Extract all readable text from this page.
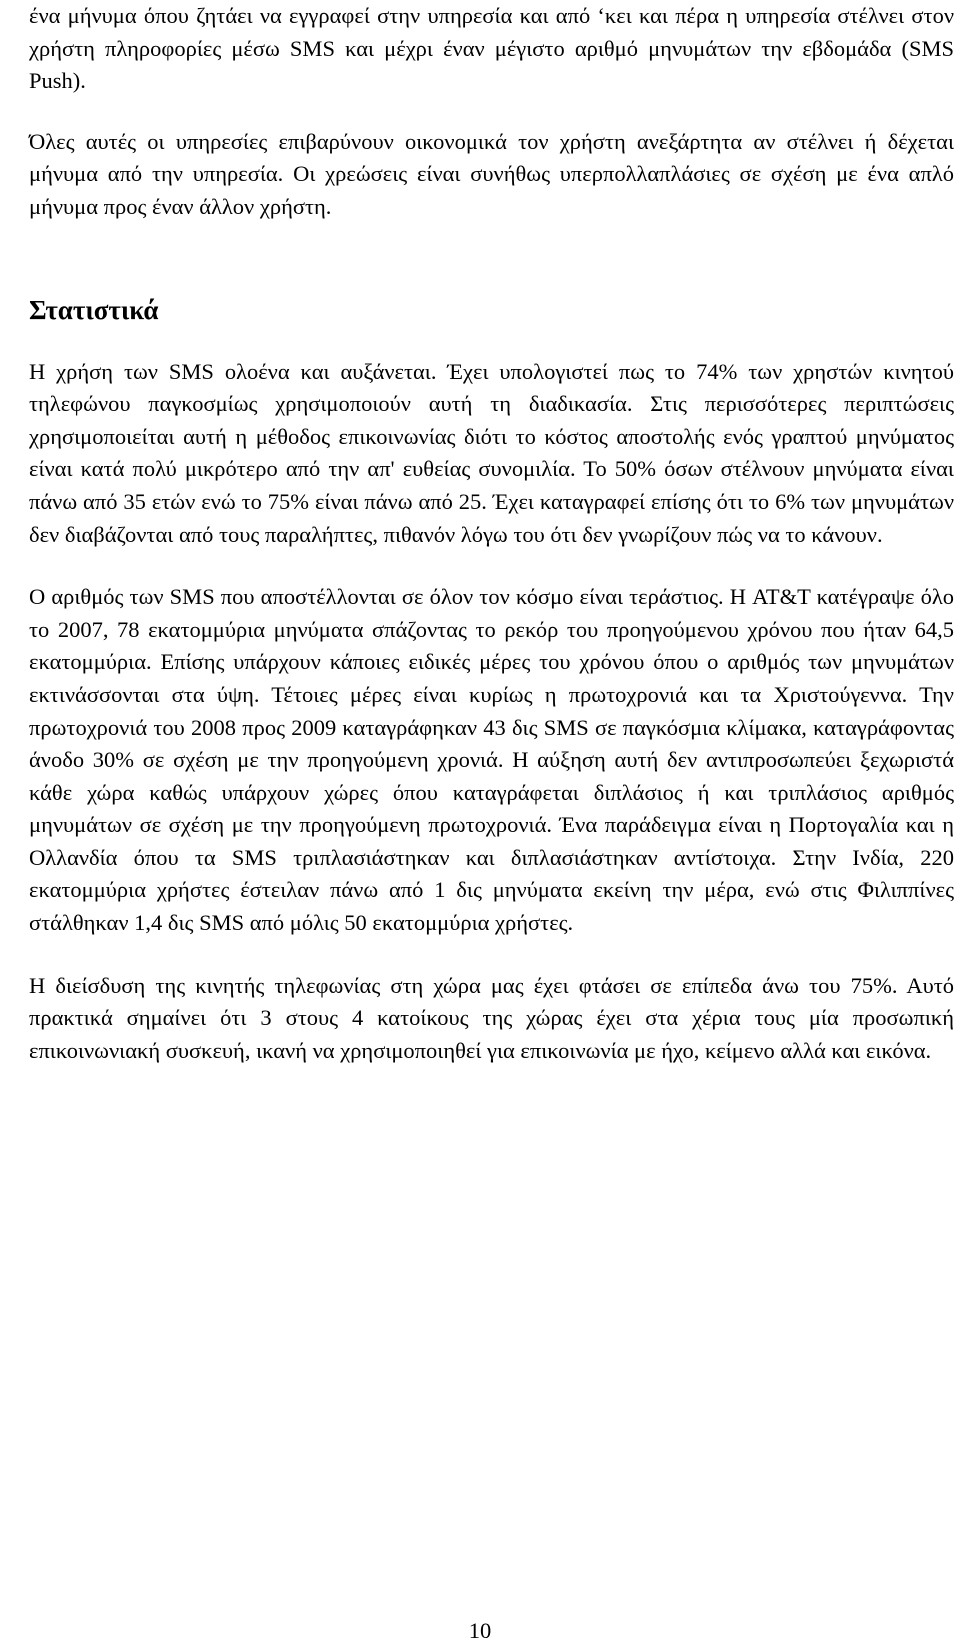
ένα μήνυμα όπου ζητάει να εγγραφεί στην υπηρεσία και από ‘κει και πέρα η υπηρεσία στέλνει στον χρήστη πληροφορίες μέσω SMS και μέχρι έναν μέγιστο αριθμό μηνυμάτων την εβδομάδα (SMS Push).

Όλες αυτές οι υπηρεσίες επιβαρύνουν οικονομικά τον χρήστη ανεξάρτητα αν στέλνει ή δέχεται μήνυμα από την υπηρεσία. Οι χρεώσεις είναι συνήθως υπερπολλαπλάσιες σε σχέση με ένα απλό μήνυμα προς έναν άλλον χρήστη.

Στατιστικά

Η χρήση των SMS ολοένα και αυξάνεται. Έχει υπολογιστεί πως το 74% των χρηστών κινητού τηλεφώνου παγκοσμίως χρησιμοποιούν αυτή τη διαδικασία. Στις περισσότερες περιπτώσεις χρησιμοποιείται αυτή η μέθοδος επικοινωνίας διότι το κόστος αποστολής ενός γραπτού μηνύματος είναι κατά πολύ μικρότερο από την απ' ευθείας συνομιλία. Το 50% όσων στέλνουν μηνύματα είναι πάνω από 35 ετών ενώ το 75% είναι πάνω από 25. Έχει καταγραφεί επίσης ότι το 6% των μηνυμάτων δεν διαβάζονται από τους παραλήπτες, πιθανόν λόγω του ότι δεν γνωρίζουν πώς να το κάνουν.

Ο αριθμός των SMS που αποστέλλονται σε όλον τον κόσμο είναι τεράστιος. Η AT&T κατέγραψε όλο το 2007, 78 εκατομμύρια μηνύματα σπάζοντας το ρεκόρ του προηγούμενου χρόνου που ήταν 64,5 εκατομμύρια. Επίσης υπάρχουν κάποιες ειδικές μέρες του χρόνου όπου ο αριθμός των μηνυμάτων εκτινάσσονται στα ύψη. Τέτοιες μέρες είναι κυρίως η πρωτοχρονιά και τα Χριστούγεννα. Την πρωτοχρονιά του 2008 προς 2009 καταγράφηκαν 43 δις SMS σε παγκόσμια κλίμακα, καταγράφοντας άνοδο 30% σε σχέση με την προηγούμενη χρονιά. Η αύξηση αυτή δεν αντιπροσωπεύει ξεχωριστά κάθε χώρα καθώς υπάρχουν χώρες όπου καταγράφεται διπλάσιος ή και τριπλάσιος αριθμός μηνυμάτων σε σχέση με την προηγούμενη πρωτοχρονιά. Ένα παράδειγμα είναι η Πορτογαλία και η Ολλανδία όπου τα SMS τριπλασιάστηκαν και διπλασιάστηκαν αντίστοιχα. Στην Ινδία, 220 εκατομμύρια χρήστες έστειλαν πάνω από 1 δις μηνύματα εκείνη την μέρα, ενώ στις Φιλιππίνες στάλθηκαν 1,4 δις SMS από μόλις 50 εκατομμύρια χρήστες.

Η διείσδυση της κινητής τηλεφωνίας στη χώρα μας έχει φτάσει σε επίπεδα άνω του 75%. Αυτό πρακτικά σημαίνει ότι 3 στους 4 κατοίκους της χώρας έχει στα χέρια τους μία προσωπική επικοινωνιακή συσκευή, ικανή να χρησιμοποιηθεί για επικοινωνία με ήχο, κείμενο αλλά και εικόνα.

10
